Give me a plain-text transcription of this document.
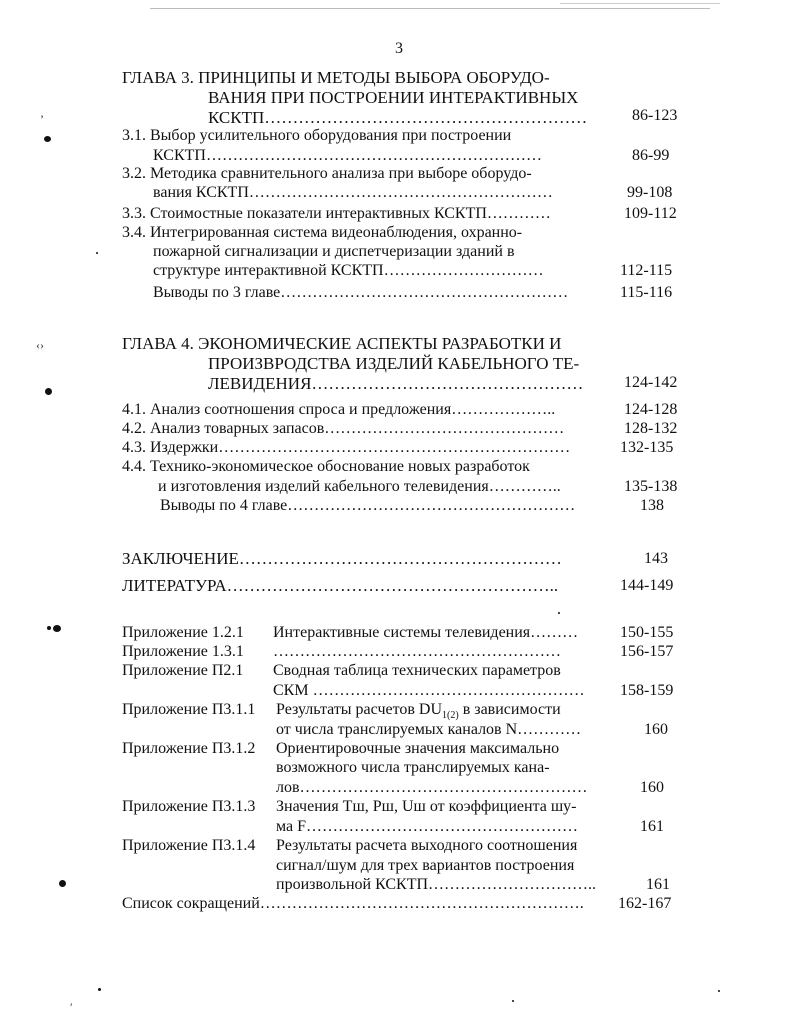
3
ГЛАВА 3. ПРИНЦИПЫ И МЕТОДЫ ВЫБОРА ОБОРУДО-
ВАНИЯ ПРИ ПОСТРОЕНИИ ИНТЕРАКТИВНЫХ
КСКТП…………………………………………………	86-123
3.1. Выбор усилительного оборудования при построении
КСКТП………………………………………………………	86-99
3.2. Методика сравнительного анализа при выборе оборудо-
вания КСКТП…………………………………………………	99-108
3.3. Стоимостные показатели интерактивных КСКТП…………	109-112
3.4. Интегрированная система видеонаблюдения, охранно-
пожарной сигнализации и диспетчеризации зданий в
структуре интерактивной КСКТП…………………………	112-115
Выводы по 3 главе………………………………………………	115-116
ГЛАВА 4. ЭКОНОМИЧЕСКИЕ АСПЕКТЫ РАЗРАБОТКИ И
ПРОИЗВРОДСТВА ИЗДЕЛИЙ КАБЕЛЬНОГО ТЕ-
ЛЕВИДЕНИЯ…………………………………………	124-142
4.1. Анализ соотношения спроса и предложения………………..	124-128
4.2. Анализ товарных запасов………………………………………	128-132
4.3. Издержки…………………………………………………………	132-135
4.4. Технико-экономическое обоснование новых разработок
и изготовления изделий кабельного телевидения…………..	135-138
Выводы по 4 главе………………………………………………	138
ЗАКЛЮЧЕНИЕ…………………………………………………	143
ЛИТЕРАТУРА…………………………………………………..	144-149
Приложение 1.2.1 Интерактивные системы телевидения………	150-155
Приложение 1.3.1 ………………………………………………	156-157
Приложение П2.1 Сводная таблица технических параметров
СКМ …………………………………………… 158-159
Приложение П3.1.1 Результаты расчетов $DU_{1(2)}$ в зависимости
от числа транслируемых каналов N…………	160
Приложение П3.1.2 Ориентировочные значения максимально
возможного числа транслируемых кана-
лов………………………………………………	160
Приложение П3.1.3 Значения Тш, Рш, Uш от коэффициента шу-
ма F……………………………………………	161
Приложение П3.1.4 Результаты расчета выходного соотношения
сигнал/шум для трех вариантов построения
произвольной КСКТП…………………………..	161
Список сокращений……………………………………………………. 162-167
’
‹›
′
